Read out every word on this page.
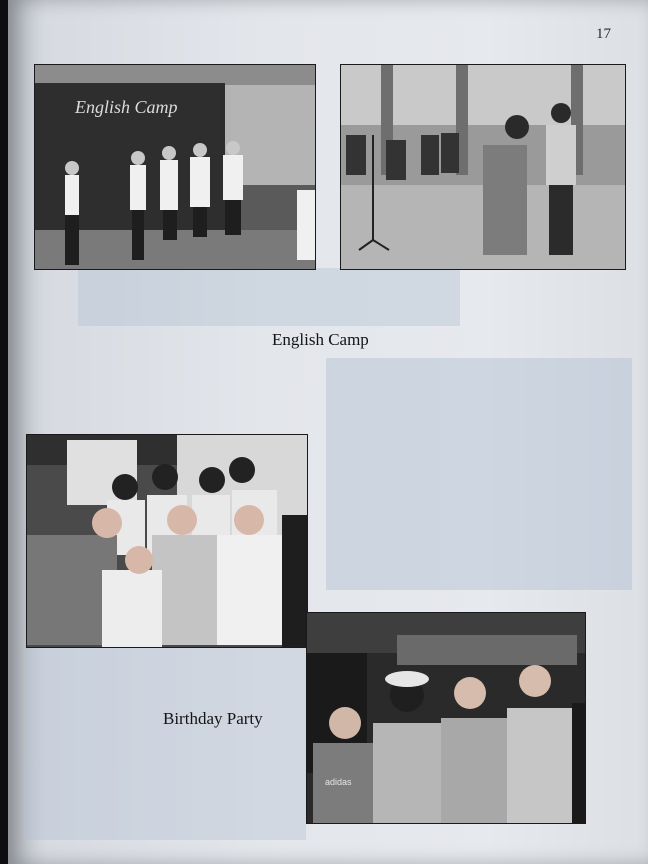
17
English Camp
English Camp
adidas
Birthday Party
